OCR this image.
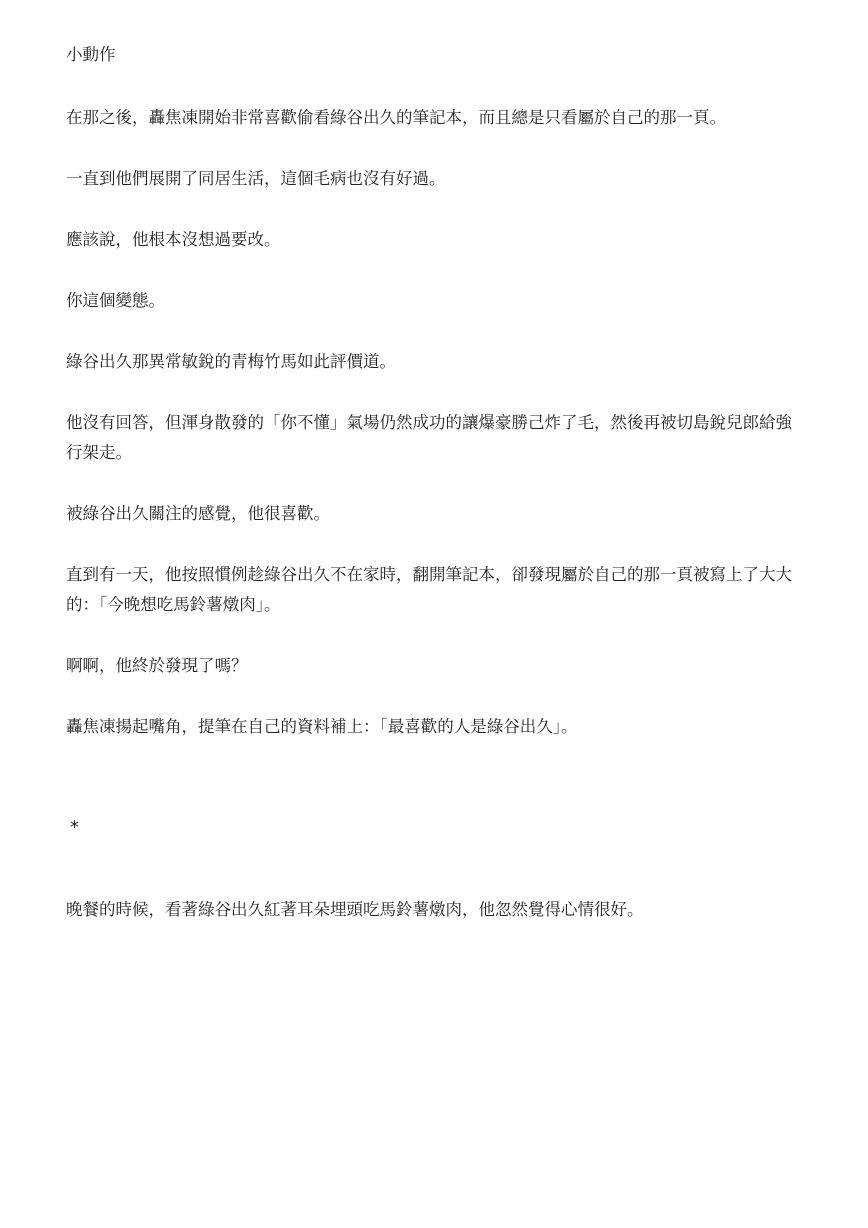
小動作

在那之後，轟焦凍開始非常喜歡偷看綠谷出久的筆記本，而且總是只看屬於自己的那一頁。

一直到他們展開了同居生活，這個毛病也沒有好過。

應該說，他根本沒想過要改。

你這個變態。

綠谷出久那異常敏銳的青梅竹馬如此評價道。

他沒有回答，但渾身散發的「你不懂」氣場仍然成功的讓爆豪勝己炸了毛，然後再被切島銳兒郎給強行架走。

被綠谷出久關注的感覺，他很喜歡。

直到有一天，他按照慣例趁綠谷出久不在家時，翻開筆記本，卻發現屬於自己的那一頁被寫上了大大的：「今晚想吃馬鈴薯燉肉」。

啊啊，他終於發現了嗎？

轟焦凍揚起嘴角，提筆在自己的資料補上：「最喜歡的人是綠谷出久」。

*

晚餐的時候，看著綠谷出久紅著耳朵埋頭吃馬鈴薯燉肉，他忽然覺得心情很好。
